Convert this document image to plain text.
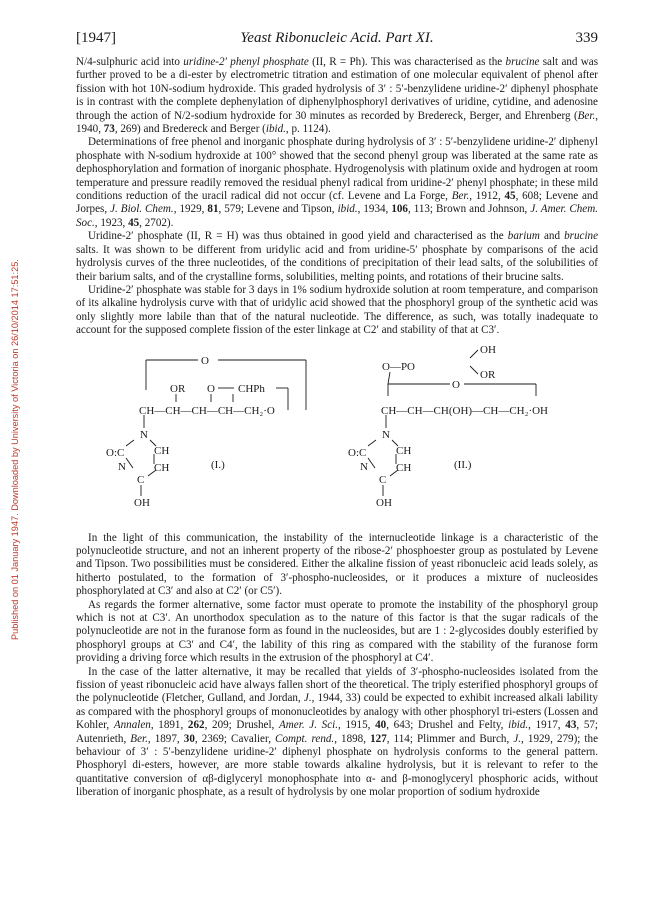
Published on 01 January 1947. Downloaded by University of Victoria on 26/10/2014 17:51:25.
[1947]	Yeast Ribonucleic Acid. Part XI.	339

N/4-sulphuric acid into uridine-2′ phenyl phosphate (II, R = Ph). This was characterised as the brucine salt and was further proved to be a di-ester by electrometric titration and estimation of one molecular equivalent of phenol after fission with hot 10N-sodium hydroxide. This graded hydrolysis of 3′ : 5′-benzylidene uridine-2′ diphenyl phosphate is in contrast with the complete dephenylation of diphenylphosphoryl derivatives of uridine, cytidine, and adenosine through the action of N/2-sodium hydroxide for 30 minutes as recorded by Bredereck, Berger, and Ehrenberg (Ber., 1940, 73, 269) and Bredereck and Berger (ibid., p. 1124).

Determinations of free phenol and inorganic phosphate during hydrolysis of 3′ : 5′-benzylidene uridine-2′ diphenyl phosphate with N-sodium hydroxide at 100° showed that the second phenyl group was liberated at the same rate as dephosphorylation and formation of inorganic phosphate. Hydrogenolysis with platinum oxide and hydrogen at room temperature and pressure readily removed the residual phenyl radical from uridine-2′ phenyl phosphate; in these mild conditions reduction of the uracil radical did not occur (cf. Levene and La Forge, Ber., 1912, 45, 608; Levene and Jorpes, J. Biol. Chem., 1929, 81, 579; Levene and Tipson, ibid., 1934, 106, 113; Brown and Johnson, J. Amer. Chem. Soc., 1923, 45, 2702).

Uridine-2′ phosphate (II, R = H) was thus obtained in good yield and characterised as the barium and brucine salts. It was shown to be different from uridylic acid and from uridine-5′ phosphate by comparisons of the acid hydrolysis curves of the three nucleotides, of the conditions of precipitation of their lead salts, of the solubilities of their barium salts, and of the crystalline forms, solubilities, melting points, and rotations of their brucine salts.

Uridine-2′ phosphate was stable for 3 days in 1% sodium hydroxide solution at room temperature, and comparison of its alkaline hydrolysis curve with that of uridylic acid showed that the phosphoryl group of the synthetic acid was only slightly more labile than that of the natural nucleotide. The difference, as such, was totally inadequate to account for the supposed complete fission of the ester linkage at C2′ and stability of that at C3′.

O
OR O CHPh
CH—CH—CH—CH—CH₂·O
N
O:C	CH
N	CH
C
OH
(I.)
OH
O—PO
OR
O
CH—CH—CH(OH)—CH—CH₂·OH
N
O:C	CH
N	CH
C
OH
(II.)

In the light of this communication, the instability of the internucleotide linkage is a characteristic of the polynucleotide structure, and not an inherent property of the ribose-2′ phosphoester group as postulated by Levene and Tipson. Two possibilities must be considered. Either the alkaline fission of yeast ribonucleic acid leads solely, as hitherto postulated, to the formation of 3′-phospho-nucleosides, or it produces a mixture of nucleosides phosphorylated at C3′ and also at C2′ (or C5′).

As regards the former alternative, some factor must operate to promote the instability of the phosphoryl group which is not at C3′. An unorthodox speculation as to the nature of this factor is that the sugar radicals of the polynucleotide are not in the furanose form as found in the nucleosides, but are 1 : 2-glycosides doubly esterified by phosphoryl groups at C3′ and C4′, the lability of this ring as compared with the stability of the furanose form providing a driving force which results in the extrusion of the phosphoryl at C4′.

In the case of the latter alternative, it may be recalled that yields of 3′-phospho-nucleosides isolated from the fission of yeast ribonucleic acid have always fallen short of the theoretical. The triply esterified phosphoryl groups of the polynucleotide (Fletcher, Gulland, and Jordan, J., 1944, 33) could be expected to exhibit increased alkali lability as compared with the phosphoryl groups of mononucleotides by analogy with other phosphoryl tri-esters (Lossen and Kohler, Annalen, 1891, 262, 209; Drushel, Amer. J. Sci., 1915, 40, 643; Drushel and Felty, ibid., 1917, 43, 57; Autenrieth, Ber., 1897, 30, 2369; Cavalier, Compt. rend., 1898, 127, 114; Plimmer and Burch, J., 1929, 279); the behaviour of 3′ : 5′-benzylidene uridine-2′ diphenyl phosphate on hydrolysis conforms to the general pattern. Phosphoryl di-esters, however, are more stable towards alkaline hydrolysis, but it is relevant to refer to the quantitative conversion of αβ-diglyceryl monophosphate into α- and β-monoglyceryl phosphoric acids, without liberation of inorganic phosphate, as a result of hydrolysis by one molar proportion of sodium hydroxide
